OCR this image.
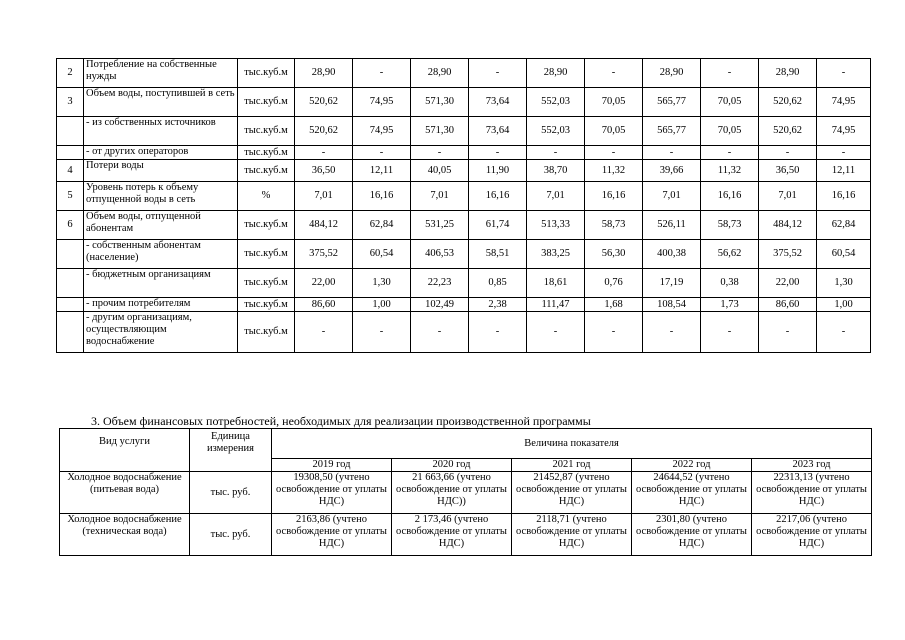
2	Потребление на собственные нужды	тыс.куб.м	28,90	-	28,90	-	28,90	-	28,90	-	28,90	-
3	Объем воды, поступившей в сеть	тыс.куб.м	520,62	74,95	571,30	73,64	552,03	70,05	565,77	70,05	520,62	74,95
	- из собственных источников	тыс.куб.м	520,62	74,95	571,30	73,64	552,03	70,05	565,77	70,05	520,62	74,95
	- от других операторов	тыс.куб.м	-	-	-	-	-	-	-	-	-	-
4	Потери воды	тыс.куб.м	36,50	12,11	40,05	11,90	38,70	11,32	39,66	11,32	36,50	12,11
5	Уровень потерь к объему отпущенной воды в сеть	%	7,01	16,16	7,01	16,16	7,01	16,16	7,01	16,16	7,01	16,16
6	Объем воды, отпущенной абонентам	тыс.куб.м	484,12	62,84	531,25	61,74	513,33	58,73	526,11	58,73	484,12	62,84
	- собственным абонентам (население)	тыс.куб.м	375,52	60,54	406,53	58,51	383,25	56,30	400,38	56,62	375,52	60,54
	- бюджетным организациям	тыс.куб.м	22,00	1,30	22,23	0,85	18,61	0,76	17,19	0,38	22,00	1,30
	- прочим потребителям	тыс.куб.м	86,60	1,00	102,49	2,38	111,47	1,68	108,54	1,73	86,60	1,00
	- другим организациям, осуществляющим водоснабжение	тыс.куб.м	-	-	-	-	-	-	-	-	-	-
3. Объем финансовых потребностей, необходимых для реализации производственной программы
Вид услуги	Единица измерения	Величина показателя				
		2019 год	2020 год	2021 год	2022 год	2023 год
Холодное водоснабжение (питьевая вода)	тыс. руб.	19308,50 (учтено освобождение от уплаты НДС)	21 663,66 (учтено освобождение от уплаты НДС))	21452,87 (учтено освобождение от уплаты НДС)	24644,52 (учтено освобождение от уплаты НДС)	22313,13 (учтено освобождение от уплаты НДС)
Холодное водоснабжение (техническая вода)	тыс. руб.	2163,86 (учтено освобождение от уплаты НДС)	2 173,46 (учтено освобождение от уплаты НДС)	2118,71 (учтено освобождение от уплаты НДС)	2301,80 (учтено освобождение от уплаты НДС)	2217,06 (учтено освобождение от уплаты НДС)
